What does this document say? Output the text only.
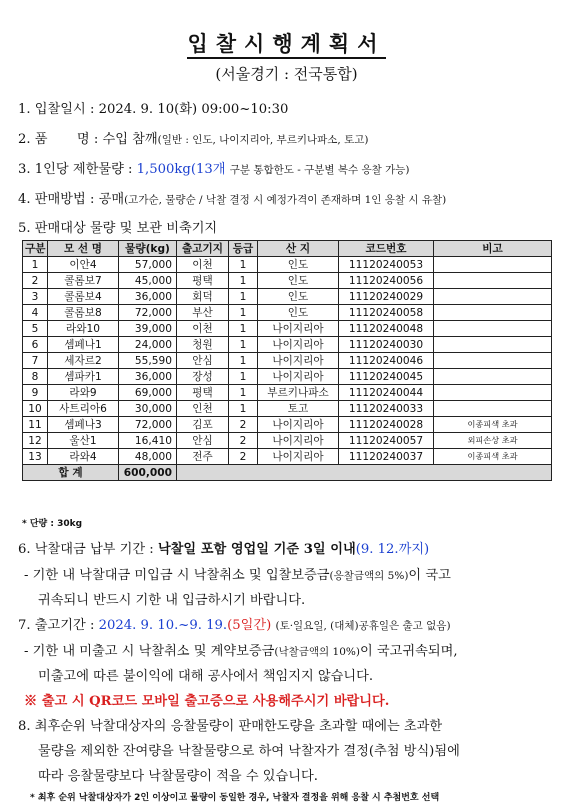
입찰시행계획서
(서울경기 : 전국통합)
1. 입찰일시 : 2024. 9. 10(화) 09:00~10:30
2. 품       명 : 수입 참깨(일반 : 인도, 나이지리아, 부르키나파소, 토고)
3. 1인당 제한물량 : 1,500kg(13개 구분 통합한도 - 구분별 복수 응찰 가능)
4. 판매방법 : 공매(고가순, 물량순 / 낙찰 결정 시 예정가격이 존재하며 1인 응찰 시 유찰)
5. 판매대상 물량 및 보관 비축기지
구분	모 선 명	물량(kg)	출고기지	등급	산 지	코드번호	비고
1	이안4	57,000	이천	1	인도	11120240053	
2	콜롬보7	45,000	평택	1	인도	11120240056	
3	콜롬보4	36,000	회덕	1	인도	11120240029	
4	콜롬보8	72,000	부산	1	인도	11120240058	
5	라와10	39,000	이천	1	나이지리아	11120240048	
6	셈페나1	24,000	청원	1	나이지리아	11120240030	
7	세자르2	55,590	안심	1	나이지리아	11120240046	
8	셈파카1	36,000	장성	1	나이지리아	11120240045	
9	라와9	69,000	평택	1	부르키나파소	11120240044	
10	사트리아6	30,000	인천	1	토고	11120240033	
11	셈페나3	72,000	김포	2	나이지리아	11120240028	이종피색 초과
12	울산1	16,410	안심	2	나이지리아	11120240057	외피손상 초과
13	라와4	48,000	전주	2	나이지리아	11120240037	이종피색 초과
합 계		600,000					
* 단량 : 30kg
6. 낙찰대금 납부 기간 : 낙찰일 포함 영업일 기준 3일 이내(9. 12.까지)
- 기한 내 낙찰대금 미입금 시 낙찰취소 및 입찰보증금(응찰금액의 5%)이 국고
귀속되니 반드시 기한 내 입금하시기 바랍니다.
7. 출고기간 : 2024. 9. 10.~9. 19.(5일간) (토·일요일, (대체)공휴일은 출고 없음)
- 기한 내 미출고 시 낙찰취소 및 계약보증금(낙찰금액의 10%)이 국고귀속되며,
미출고에 따른 불이익에 대해 공사에서 책임지지 않습니다.
※ 출고 시 QR코드 모바일 출고증으로 사용해주시기 바랍니다.
8. 최후순위 낙찰대상자의 응찰물량이 판매한도량을 초과할 때에는 초과한
물량을 제외한 잔여량을 낙찰물량으로 하여 낙찰자가 결정(추첨 방식)됨에
따라 응찰물량보다 낙찰물량이 적을 수 있습니다.
* 최후 순위 낙찰대상자가 2인 이상이고 물량이 동일한 경우, 낙찰자 결정을 위해 응찰 시 추첨번호 선택
